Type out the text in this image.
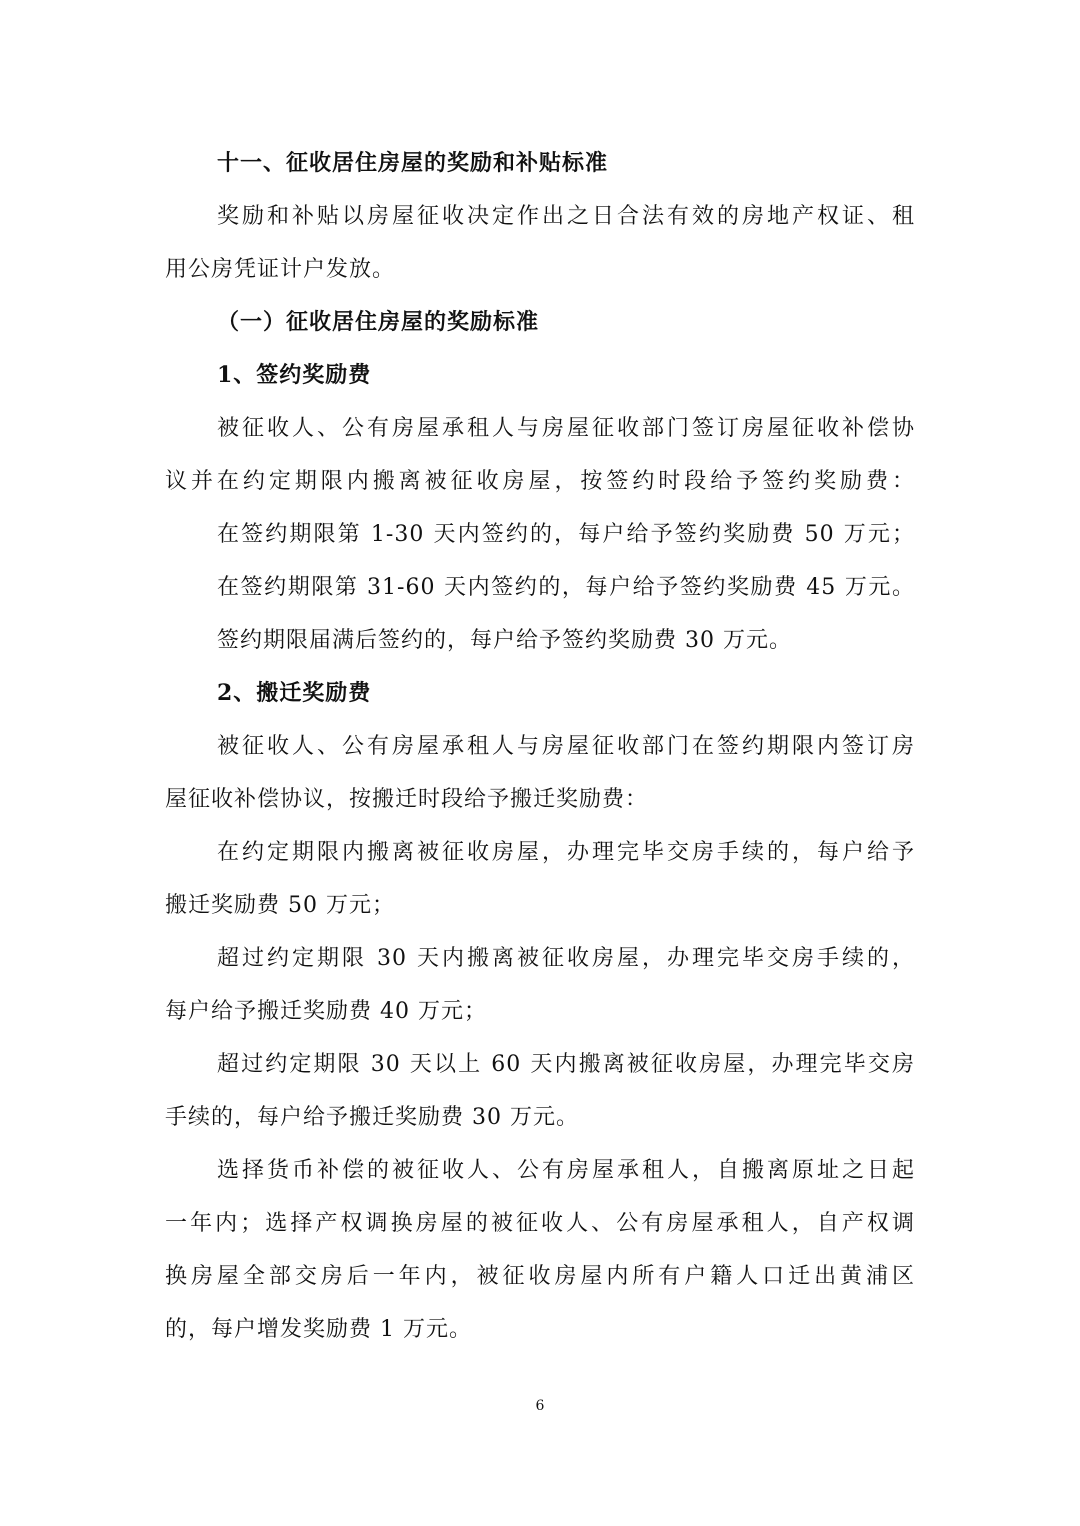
十一、征收居住房屋的奖励和补贴标准
奖励和补贴以房屋征收决定作出之日合法有效的房地产权证、租
用公房凭证计户发放。
（一）征收居住房屋的奖励标准
1、签约奖励费
被征收人、公有房屋承租人与房屋征收部门签订房屋征收补偿协
议并在约定期限内搬离被征收房屋，按签约时段给予签约奖励费：
在签约期限第 1-30 天内签约的，每户给予签约奖励费 50 万元；
在签约期限第 31-60 天内签约的，每户给予签约奖励费 45 万元。
签约期限届满后签约的，每户给予签约奖励费 30 万元。
2、搬迁奖励费
被征收人、公有房屋承租人与房屋征收部门在签约期限内签订房
屋征收补偿协议，按搬迁时段给予搬迁奖励费：
在约定期限内搬离被征收房屋，办理完毕交房手续的，每户给予
搬迁奖励费 50 万元；
超过约定期限 30 天内搬离被征收房屋，办理完毕交房手续的，
每户给予搬迁奖励费 40 万元；
超过约定期限 30 天以上 60 天内搬离被征收房屋，办理完毕交房
手续的，每户给予搬迁奖励费 30 万元。
选择货币补偿的被征收人、公有房屋承租人，自搬离原址之日起
一年内；选择产权调换房屋的被征收人、公有房屋承租人，自产权调
换房屋全部交房后一年内，被征收房屋内所有户籍人口迁出黄浦区
的，每户增发奖励费 1 万元。
6
